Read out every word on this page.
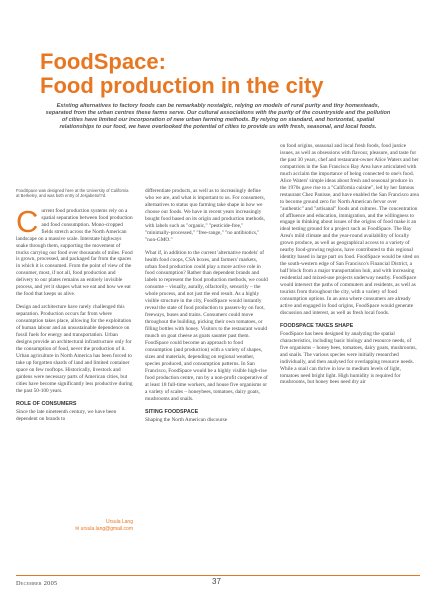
FoodSpace:
Food production in the city

Existing alternatives to factory foods can be remarkably nostalgic, relying on models of rural purity and tiny homesteads, separated from the urban centres these farms serve. Our cultural associations with the purity of the countryside and the pollution of cities have limited our incorporation of new urban farming methods. By relying on standard, and horizontal, spatial relationships to our food, we have overlooked the potential of cities to provide us with fresh, seasonal, and local foods.

FoodSpace was designed here at the University of California at Berkeley, and was both entry of Jesjabetori?d.

Current food production systems rely on a spatial separation between food production and food consumption. Mono-cropped fields stretch across the North American landscape on a massive scale. Interstate highways snake through them, supporting the movement of trucks carrying our food over thousands of miles. Food is grown, processed, and packaged far from the spaces in which it is consumed. From the point of view of the consumer, most, if not all, food production and delivery to our plates remains an entirely invisible process, and yet it shapes what we eat and how we eat the food that keeps us alive.

Design and architecture have rarely challenged this separation. Production occurs far from where consumption takes place, allowing for the exploitation of human labour and an unsustainable dependence on fossil fuels for energy and transportation. Urban designs provide an architectural infrastructure only for the consumption of food, never the production of it. Urban agriculture in North America has been forced to take up forgotten shards of land and limited container space on few rooftops. Historically, livestock and gardens were necessary parts of American cities, but cities have become significantly less productive during the past 50-100 years.

ROLE OF CONSUMERS

Since the late nineteenth century, we have been dependent on brands to

Ursula Lang
✉ ursula.lang@gmail.com

differentiate products, as well as to increasingly define who we are, and what is important to us. For consumers, alternatives to status quo farming take shape in how we choose our foods. We have in recent years increasingly bought food based on its origin and production methods, with labels such as "organic," "pesticide-free," "minimally-processed," "free-range," "no antibiotics," "non-GMO."

What if, in addition to the current 'alternative models' of health food coops, CSA boxes, and farmers' markets, urban food production could play a more active role in food consumption? Rather than dependent brands and labels to represent the food production methods, we could consume – visually, aurally, olfactorily, sensorily – the whole process, and not just the end result. As a highly visible structure in the city, FoodSpace would instantly reveal the state of food production to passers-by on foot, freeways, buses and trains. Consumers could move throughout the building, picking their own tomatoes, or filling bottles with honey. Visitors to the restaurant would munch on goat cheese as goats saunter past them. FoodSpace could become an approach to food consumption (and production) with a variety of shapes, sizes and materials, depending on regional weather, species produced, and consumption patterns. In San Francisco, FoodSpace would be a highly visible high-rise food production centre, run by a non-profit cooperative of at least 18 full-time workers, and house five organisms or a variety of scales – honeybees, tomatoes, dairy goats, mushrooms and snails.

SITING FOODSPACE

Shaping the North American discourse

on food origins, seasonal and local fresh foods, food justice issues, as well as obsessions with flavour, pleasure, and taste for the past 30 years, chef and restaurant-owner Alice Waters and her compatriots in the San Francisco Bay Area have articulated with much acclaim the importance of being connected to one's food. Alice Waters' simple ideas about fresh and seasonal produce in the 1970s gave rise to a "California cuisine", led by her famous restaurant Chez Panisse, and have enabled the San Francisco area to become ground zero for North American fervor over "authentic" and "artisanal" foods and cultures. The concentration of affluence and education, immigration, and the willingness to engage in thinking about issues of the origins of food make it an ideal testing ground for a project such as FoodSpace. The Bay Area's mild climate and the year-round availability of locally grown produce, as well as geographical access to a variety of nearby food-growing regions, have contributed to this regional identity based in large part on food. FoodSpace would be sited on the south-western edge of San Francisco's Financial District, a half block from a major transportation hub, and with increasing residential and mixed-use projects underway nearby. FoodSpace would intersect the paths of commuters and residents, as well as tourists from throughout the city, with a variety of food consumption options. In an area where consumers are already active and engaged in food origins, FoodSpace would generate discussion and interest, as well as fresh local foods.

FOODSPACE TAKES SHAPE

FoodSpace has been designed by analyzing the spatial characteristics, including basic biology and resource needs, of five organisms – honey bees, tomatoes, dairy goats, mushrooms, and snails. The various species were initially researched individually, and then analysed for overlapping resource needs. While a snail can thrive in low to medium levels of light, tomatoes need bright light. High humidity is required for mushrooms, but honey bees need dry air

December 2005	37
